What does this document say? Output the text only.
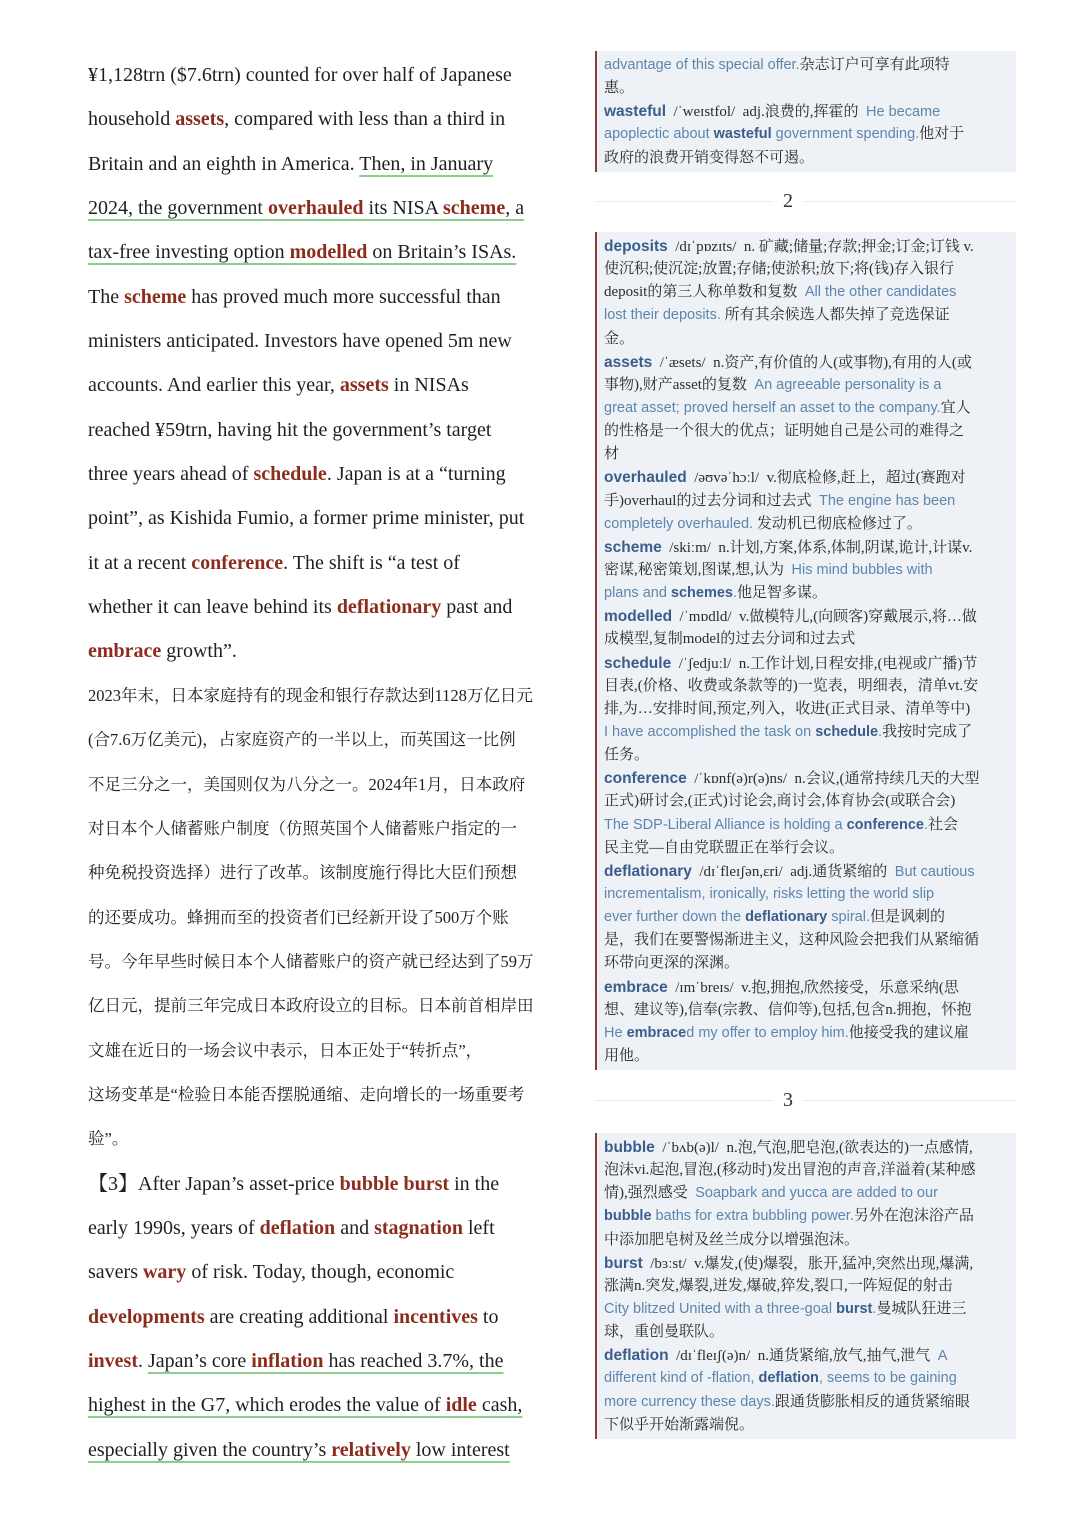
¥1,128trn ($7.6trn) counted for over half of Japanese
household assets, compared with less than a third in
Britain and an eighth in America. Then, in January
2024, the government overhauled its NISA scheme, a
tax-free investing option modelled on Britain’s ISAs.
The scheme has proved much more successful than
ministers anticipated. Investors have opened 5m new
accounts. And earlier this year, assets in NISAs
reached ¥59trn, having hit the government’s target
three years ahead of schedule. Japan is at a “turning
point”, as Kishida Fumio, a former prime minister, put
it at a recent conference. The shift is “a test of
whether it can leave behind its deflationary past and
embrace growth”.
2023年末，日本家庭持有的现金和银行存款达到1128万亿日元
(合7.6万亿美元)，占家庭资产的一半以上，而英国这一比例
不足三分之一，美国则仅为八分之一。2024年1月，日本政府
对日本个人储蓄账户制度（仿照英国个人储蓄账户指定的一
种免税投资选择）进行了改革。该制度施行得比大臣们预想
的还要成功。蜂拥而至的投资者们已经新开设了500万个账
号。今年早些时候日本个人储蓄账户的资产就已经达到了59万
亿日元，提前三年完成日本政府设立的目标。日本前首相岸田
文雄在近日的一场会议中表示，日本正处于“转折点”，
这场变革是“检验日本能否摆脱通缩、走向增长的一场重要考
验”。
【3】After Japan’s asset-price bubble burst in the
early 1990s, years of deflation and stagnation left
savers wary of risk. Today, though, economic
developments are creating additional incentives to
invest. Japan’s core inflation has reached 3.7%, the
highest in the G7, which erodes the value of idle cash,
especially given the country’s relatively low interest
advantage of this special offer.杂志订户可享有此项特
惠。
wasteful  /ˈweɪstfol/  adj.浪费的,挥霍的  He became
apoplectic about wasteful government spending.他对于
政府的浪费开销变得怒不可遏。
2
deposits  /dɪˈpɒzɪts/  n. 矿藏;储量;存款;押金;订金;订钱 v.
使沉积;使沉淀;放置;存储;使淤积;放下;将(钱)存入银行
deposit的第三人称单数和复数  All the other candidates
lost their deposits. 所有其余候选人都失掉了竞选保证
金。
assets  /ˈæsets/  n.资产,有价值的人(或事物),有用的人(或
事物),财产asset的复数  An agreeable personality is a
great asset; proved herself an asset to the company.宜人
的性格是一个很大的优点；证明她自己是公司的难得之
材
overhauled  /əʊvəˈhɔːl/  v.彻底检修,赶上，超过(赛跑对
手)overhaul的过去分词和过去式  The engine has been
completely overhauled. 发动机已彻底检修过了。
scheme  /skiːm/  n.计划,方案,体系,体制,阴谋,诡计,计谋v.
密谋,秘密策划,图谋,想,认为  His mind bubbles with
plans and schemes.他足智多谋。
modelled  /ˈmɒdld/  v.做模特儿,(向顾客)穿戴展示,将…做
成模型,复制model的过去分词和过去式
schedule  /ˈʃedjuːl/  n.工作计划,日程安排,(电视或广播)节
目表,(价格、收费或条款等的)一览表，明细表，清单vt.安
排,为…安排时间,预定,列入，收进(正式目录、清单等中)
I have accomplished the task on schedule.我按时完成了
任务。
conference  /ˈkɒnf(ə)r(ə)ns/  n.会议,(通常持续几天的大型
正式)研讨会,(正式)讨论会,商讨会,体育协会(或联合会)
The SDP-Liberal Alliance is holding a conference.社会
民主党—自由党联盟正在举行会议。
deflationary  /dɪˈfleɪʃən,ɛri/  adj.通货紧缩的  But cautious
incrementalism, ironically, risks letting the world slip
ever further down the deflationary spiral.但是讽刺的
是，我们在要警惕渐进主义，这种风险会把我们从紧缩循
环带向更深的深渊。
embrace  /ɪmˈbreɪs/  v.抱,拥抱,欣然接受，乐意采纳(思
想、建议等),信奉(宗教、信仰等),包括,包含n.拥抱，怀抱
He embraced my offer to employ him.他接受我的建议雇
用他。
3
bubble  /ˈbʌb(ə)l/  n.泡,气泡,肥皂泡,(欲表达的)一点感情,
泡沫vi.起泡,冒泡,(移动时)发出冒泡的声音,洋溢着(某种感
情),强烈感受  Soapbark and yucca are added to our
bubble baths for extra bubbling power.另外在泡沫浴产品
中添加肥皂树及丝兰成分以增强泡沫。
burst  /bɜːst/  v.爆发,(使)爆裂，胀开,猛冲,突然出现,爆满,
涨满n.突发,爆裂,迸发,爆破,猝发,裂口,一阵短促的射击
City blitzed United with a three-goal burst.曼城队狂进三
球，重创曼联队。
deflation  /dɪˈfleɪʃ(ə)n/  n.通货紧缩,放气,抽气,泄气  A
different kind of -flation, deflation, seems to be gaining
more currency these days.跟通货膨胀相反的通货紧缩眼
下似乎开始渐露端倪。
